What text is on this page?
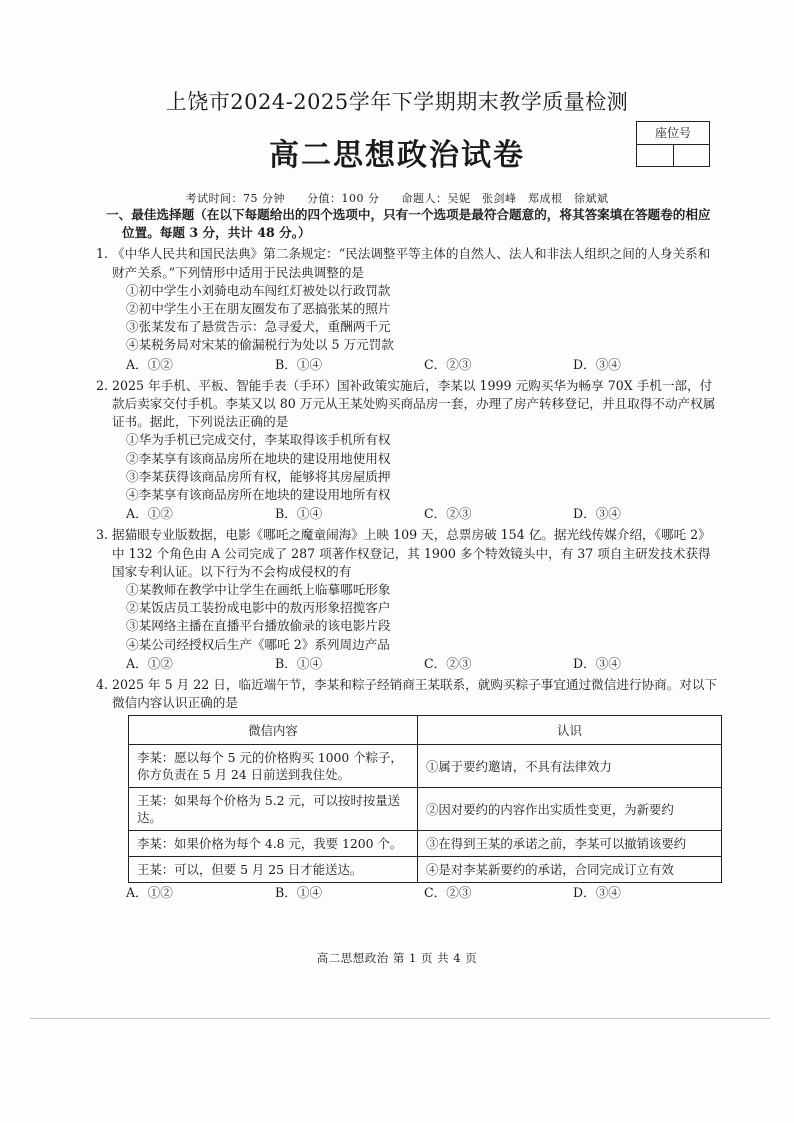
上饶市2024-2025学年下学期期末教学质量检测
高二思想政治试卷
座位号
考试时间：75 分钟 分值：100 分 命题人：吴妮　张剑峰　郑成根　徐斌斌
一、最佳选择题（在以下每题给出的四个选项中，只有一个选项是最符合题意的，将其答案填在答题卷的相应位置。每题 3 分，共计 48 分。）
1. 《中华人民共和国民法典》第二条规定：“民法调整平等主体的自然人、法人和非法人组织之间的人身关系和财产关系。”下列情形中适用于民法典调整的是
①初中学生小刘骑电动车闯红灯被处以行政罚款
②初中学生小王在朋友圈发布了恶搞张某的照片
③张某发布了悬赏告示：急寻爱犬，重酬两千元
④某税务局对宋某的偷漏税行为处以 5 万元罚款
A．①②	B．①④	C．②③	D．③④
2. 2025 年手机、平板、智能手表（手环）国补政策实施后，李某以 1999 元购买华为畅享 70X 手机一部，付款后卖家交付手机。李某又以 80 万元从王某处购买商品房一套，办理了房产转移登记，并且取得不动产权属证书。据此，下列说法正确的是
①华为手机已完成交付，李某取得该手机所有权
②李某享有该商品房所在地块的建设用地使用权
③李某获得该商品房所有权，能够将其房屋质押
④李某享有该商品房所在地块的建设用地所有权
A．①②	B．①④	C．②③	D．③④
3. 据猫眼专业版数据，电影《哪吒之魔童闹海》上映 109 天，总票房破 154 亿。据光线传媒介绍，《哪吒 2》中 132 个角色由 A 公司完成了 287 项著作权登记，其 1900 多个特效镜头中，有 37 项自主研发技术获得国家专利认证。以下行为不会构成侵权的有
①某教师在教学中让学生在画纸上临摹哪吒形象
②某饭店员工装扮成电影中的敖丙形象招揽客户
③某网络主播在直播平台播放偷录的该电影片段
④某公司经授权后生产《哪吒 2》系列周边产品
A．①②	B．①④	C．②③	D．③④
4. 2025 年 5 月 22 日，临近端午节，李某和粽子经销商王某联系，就购买粽子事宜通过微信进行协商。对以下微信内容认识正确的是
微信内容	认识
李某：愿以每个 5 元的价格购买 1000 个粽子，你方负责在 5 月 24 日前送到我住处。	①属于要约邀请，不具有法律效力
王某：如果每个价格为 5.2 元，可以按时按量送达。	②因对要约的内容作出实质性变更，为新要约
李某：如果价格为每个 4.8 元，我要 1200 个。	③在得到王某的承诺之前，李某可以撤销该要约
王某：可以，但要 5 月 25 日才能送达。	④是对李某新要约的承诺，合同完成订立有效
A．①②	B．①④	C．②③	D．③④
高二思想政治 第 1 页 共 4 页
